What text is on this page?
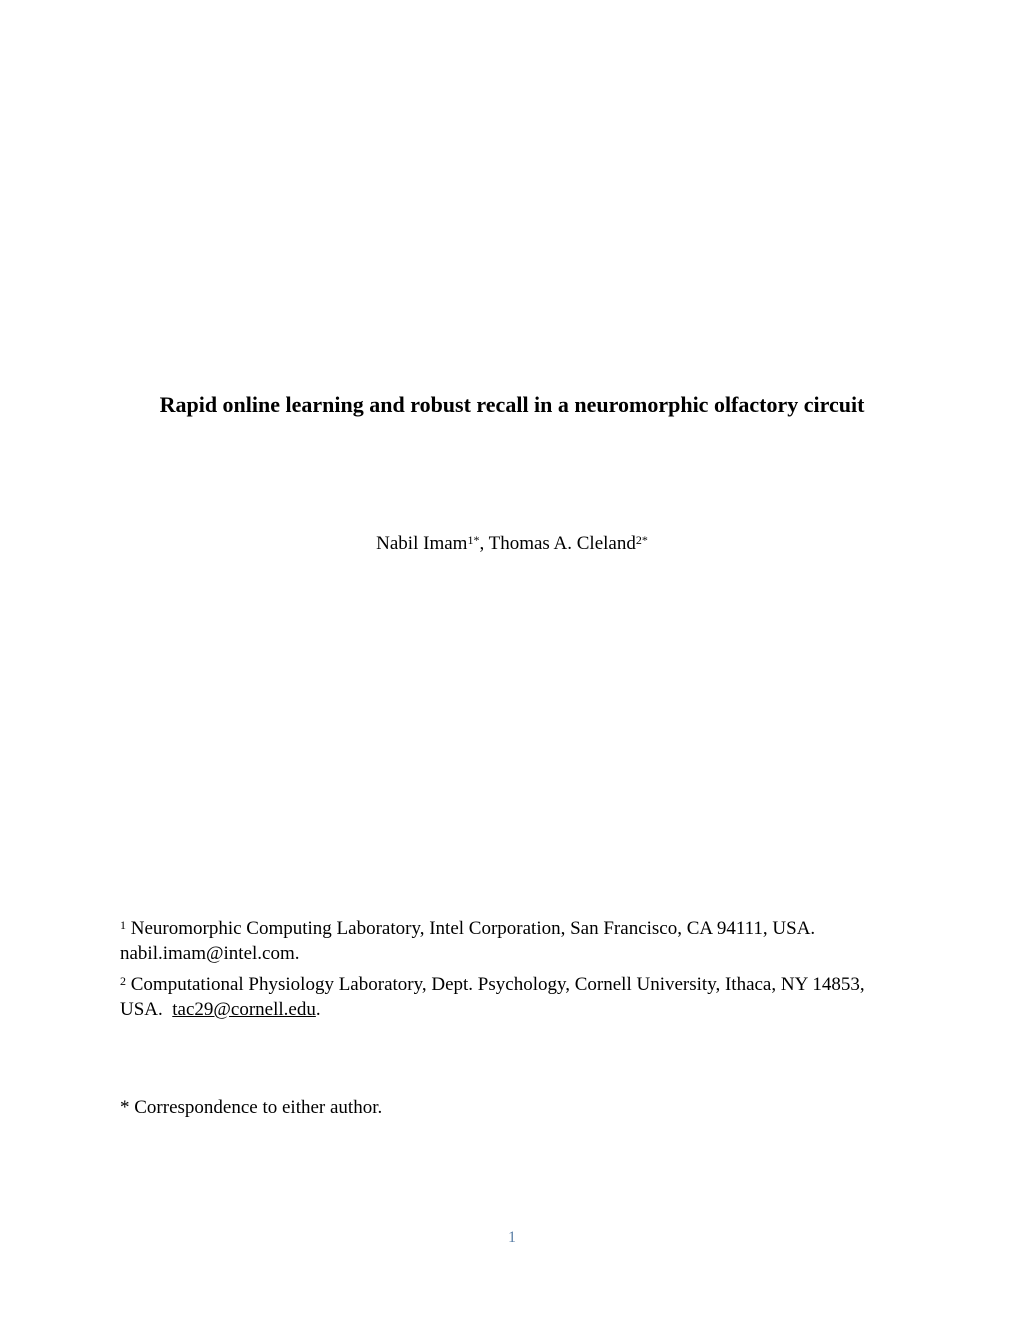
Rapid online learning and robust recall in a neuromorphic olfactory circuit
Nabil Imam$^{1*}$, Thomas A. Cleland$^{2*}$
$^1$ Neuromorphic Computing Laboratory, Intel Corporation, San Francisco, CA 94111, USA. nabil.imam@intel.com.
$^2$ Computational Physiology Laboratory, Dept. Psychology, Cornell University, Ithaca, NY 14853, USA.  tac29@cornell.edu.
* Correspondence to either author.
1
